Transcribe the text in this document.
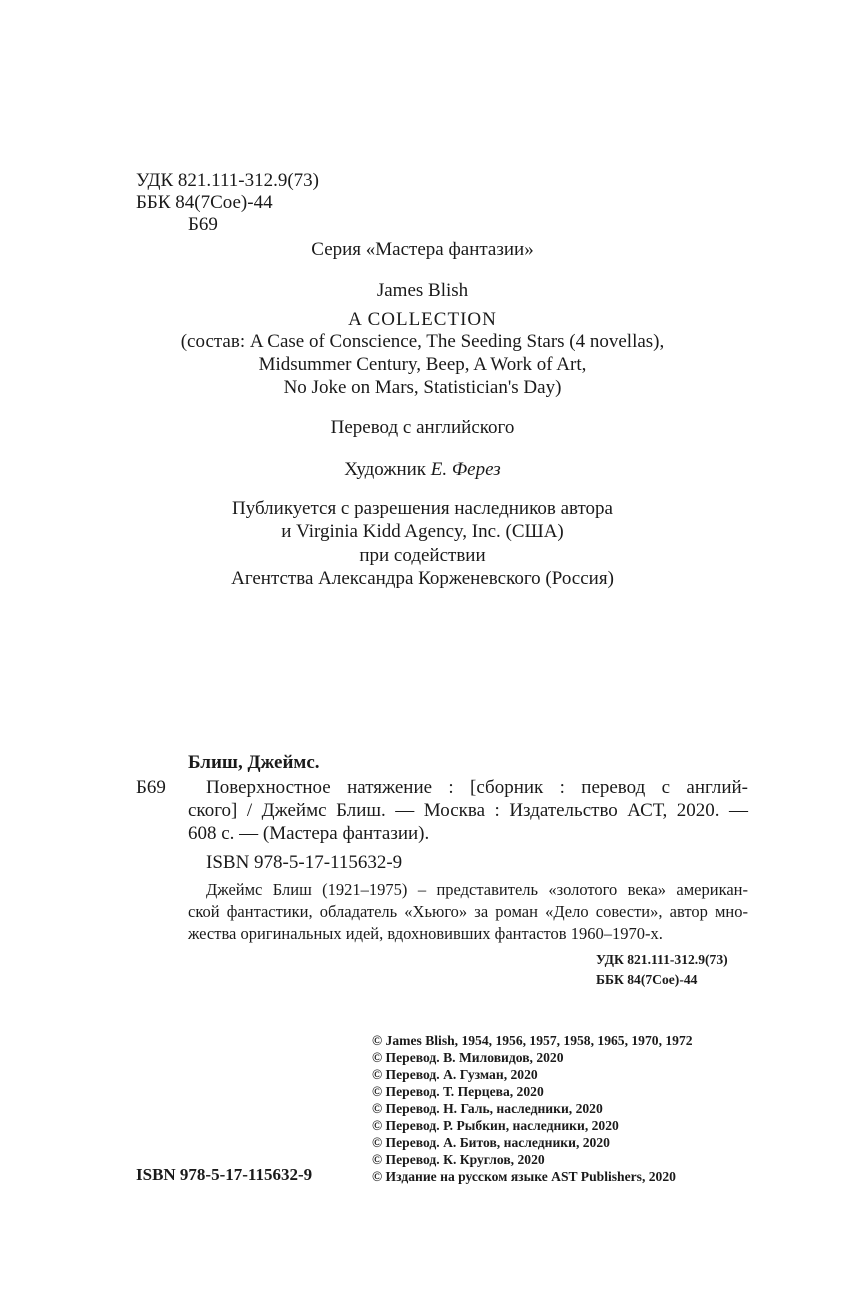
УДК 821.111-312.9(73)
ББК 84(7Сое)-44
Б69
Серия «Мастера фантазии»
James Blish
A COLLECTION
(состав: A Case of Conscience, The Seeding Stars (4 novellas),
Midsummer Century, Beep, A Work of Art,
No Joke on Mars, Statistician's Day)
Перевод с английского
Художник Е. Ферез
Публикуется с разрешения наследников автора
и Virginia Kidd Agency, Inc. (США)
при содействии
Агентства Александра Корженевского (Россия)
Блиш, Джеймс.
Б69 Поверхностное натяжение : [сборник : перевод с англий-
ского] / Джеймс Блиш. — Москва : Издательство АСТ, 2020. —
608 с. — (Мастера фантазии).
ISBN 978-5-17-115632-9
Джеймс Блиш (1921–1975) – представитель «золотого века» американ-
ской фантастики, обладатель «Хьюго» за роман «Дело совести», автор мно-
жества оригинальных идей, вдохновивших фантастов 1960–1970-х.
УДК 821.111-312.9(73)
ББК 84(7Сое)-44
© James Blish, 1954, 1956, 1957, 1958, 1965, 1970, 1972
© Перевод. В. Миловидов, 2020
© Перевод. А. Гузман, 2020
© Перевод. Т. Перцева, 2020
© Перевод. Н. Галь, наследники, 2020
© Перевод. Р. Рыбкин, наследники, 2020
© Перевод. А. Битов, наследники, 2020
© Перевод. К. Круглов, 2020
© Издание на русском языке AST Publishers, 2020
ISBN 978-5-17-115632-9
